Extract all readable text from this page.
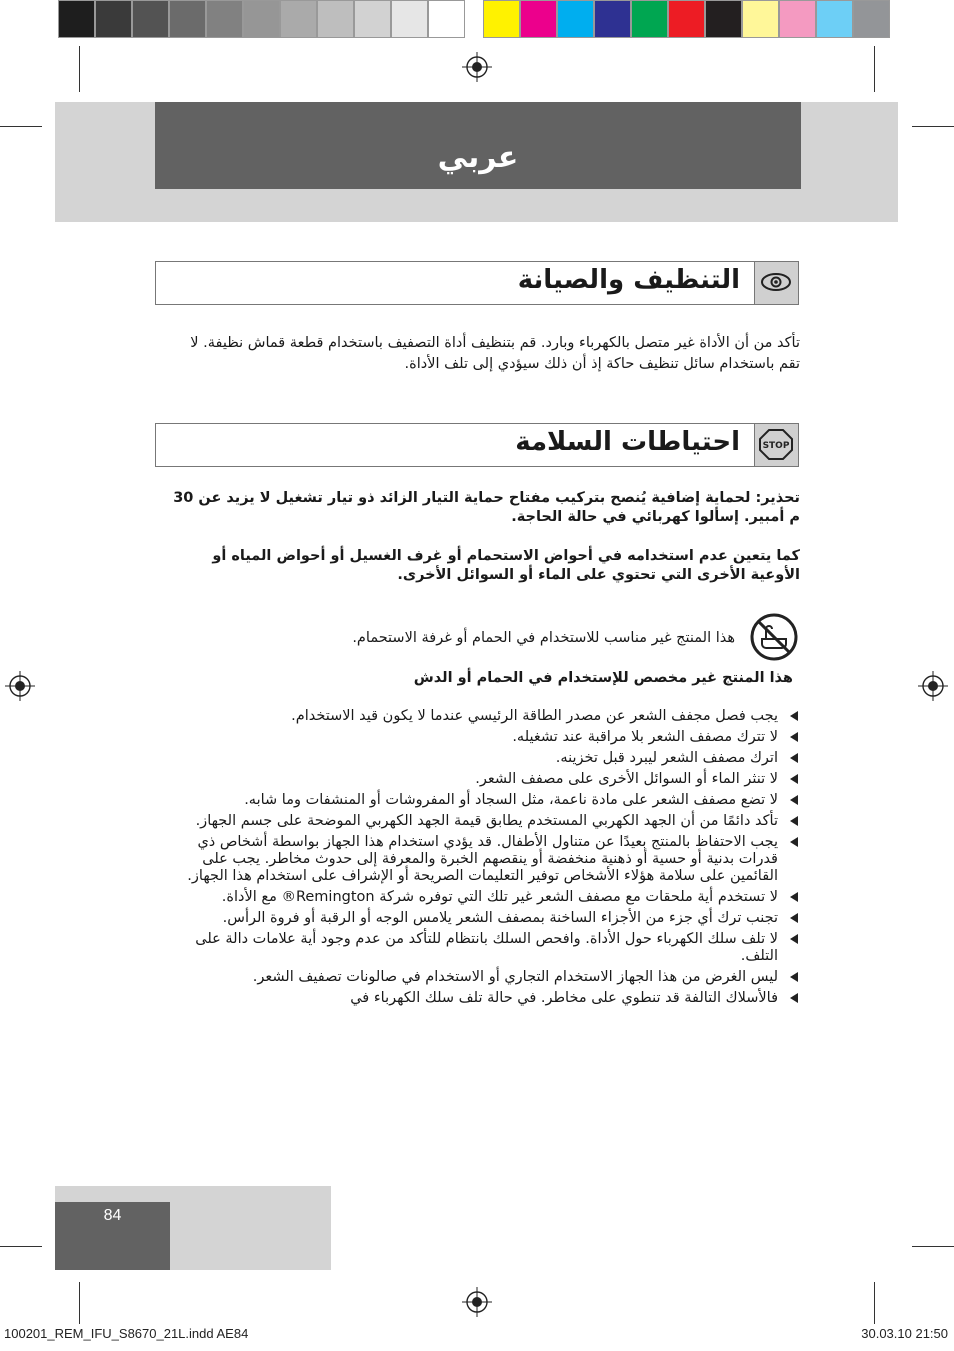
عربي
التنظيف والصيانة
تأكد من أن الأداة غير متصل بالكهرباء وبارد. قم بتنظيف أداة التصفيف باستخدام قطعة قماش نظيفة. لا تقم باستخدام سائل تنظيف حاكة إذ أن ذلك سيؤدي إلى تلف الأداة.
STOP
احتياطات السلامة
تحذير: لحماية إضافية يُنصح بتركيب مفتاح حماية التيار الزائد ذو تيار تشغيل لا يزيد عن 30 م أمبير. إسألوا كهربائي في حالة الحاجة.
كما يتعين عدم استخدامه في أحواض الاستحمام أو غرف الغسيل أو أحواض المياه أو الأوعية الأخرى التي تحتوي على الماء أو السوائل الأخرى.
هذا المنتج غير مناسب للاستخدام في الحمام أو غرفة الاستحمام.
هذا المنتج غير مخصص للإستخدام في الحمام أو الدش
يجب فصل مجفف الشعر عن مصدر الطاقة الرئيسي عندما لا يكون قيد الاستخدام.
لا تترك مصفف الشعر بلا مراقبة عند تشغيله.
اترك مصفف الشعر ليبرد قبل تخزينه.
لا تنثر الماء أو السوائل الأخرى على مصفف الشعر.
لا تضع مصفف الشعر على مادة ناعمة، مثل السجاد أو المفروشات أو المنشفات وما شابه.
تأكد دائمًا من أن الجهد الكهربي المستخدم يطابق قيمة الجهد الكهربي الموضحة على جسم الجهاز.
يجب الاحتفاظ بالمنتج بعيدًا عن متناول الأطفال. قد يؤدي استخدام هذا الجهاز بواسطة أشخاص ذي قدرات بدنية أو حسية أو ذهنية منخفضة أو ينقصهم الخبرة والمعرفة إلى حدوث مخاطر. يجب على القائمين على سلامة هؤلاء الأشخاص توفير التعليمات الصريحة أو الإشراف على استخدام هذا الجهاز.
لا تستخدم أية ملحقات مع مصفف الشعر غير تلك التي توفره شركة Remington® مع الأداة.
تجنب ترك أي جزء من الأجزاء الساخنة بمصفف الشعر يلامس الوجه أو الرقبة أو فروة الرأس.
لا تلف سلك الكهرباء حول الأداة. وافحص السلك بانتظام للتأكد من عدم وجود أية علامات دالة على التلف.
ليس الغرض من هذا الجهاز الاستخدام التجاري أو الاستخدام في صالونات تصفيف الشعر.
فالأسلاك التالفة قد تنطوي على مخاطر. في حالة تلف سلك الكهرباء في
84
100201_REM_IFU_S8670_21L.indd AE84	30.03.10 21:50
